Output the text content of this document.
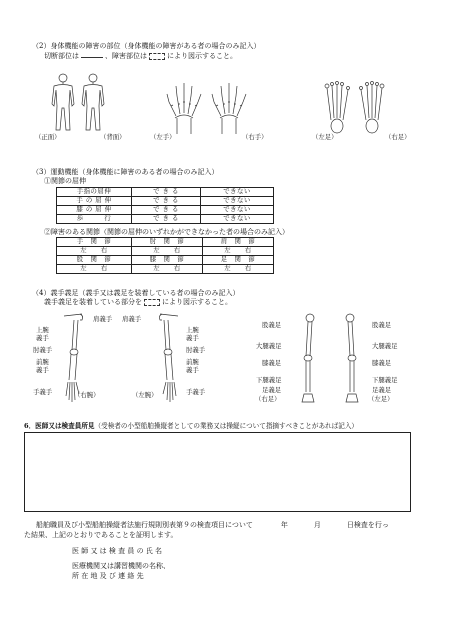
（2）身体機能の障害の部位（身体機能の障害がある者の場合のみ記入）
切断部位は	、障害部位は	により図示すること。
（正面）	（背面）	（左手）	（右手）	（左足）	（右足）
（3）運動機能（身体機能に障害のある者の場合のみ記入）
①関節の屈伸
手指の屈伸	で き る	できない
手 の 屈 伸	で き る	できない
膝 の 屈 伸	で き る	できない
歩　　　行	で き る	できない
②障害のある関節（関節の屈伸のいずれかができなかった者の場合のみ記入）
手　関　節	肘　関　節	肩　関　節
左　　右	左　　右	左　　右
股　関　節	膝　関　節	足　関　節
左　　右	左　　右	左　　右
（4）義手義足（義手又は義足を装着している者の場合のみ記入）
義手義足を装着している部分を	により図示すること。
肩義手
上腕
義手
肘義手
前腕
義手
手義手	（右腕）
肩義手
上腕
義手
肘義手
前腕
義手
手義手
（左腕）
股義足
大腿義足
膝義足
下腿義足
足義足
（右足）
股義足
大腿義足
膝義足
下腿義足
足義足
（左足）
6．医師又は検査員所見（受検者の小型船舶操縦者としての業務又は操縦について指摘すべきことがあれば記入）
船舶職員及び小型船舶操縦者法施行規則別表第９の検査項目について	年	月	日検査を行っ
た結果、上記のとおりであることを証明します。
医 師 又 は 検 査 員 の 氏 名
医療機関又は講習機関の名称、
所 在 地 及 び 連 絡 先
